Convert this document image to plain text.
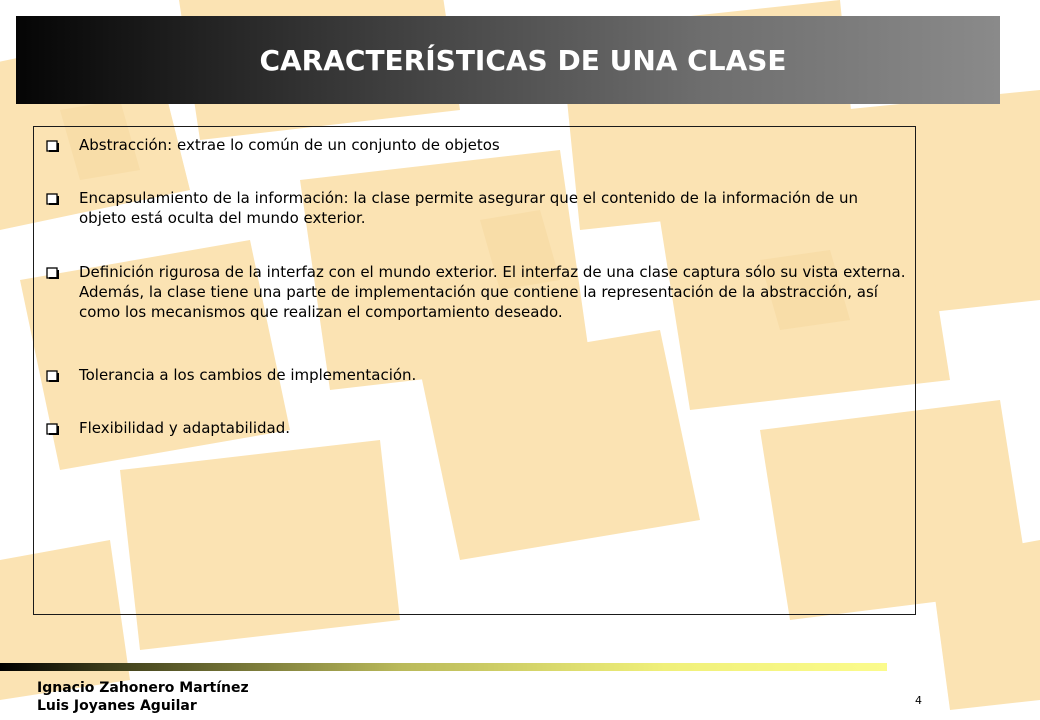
CARACTERÍSTICAS DE UNA CLASE
Abstracción: extrae lo común de un conjunto de objetos
Encapsulamiento de la información: la clase permite asegurar que el contenido de la información de un objeto está oculta del mundo exterior.
Definición rigurosa de la interfaz con el mundo exterior. El interfaz de una clase captura sólo su vista externa. Además, la clase tiene una parte de implementación que contiene la representación de la abstracción, así como los mecanismos que realizan el comportamiento deseado.
Tolerancia a los cambios de implementación.
Flexibilidad y adaptabilidad.
Ignacio Zahonero Martínez
Luis Joyanes Aguilar	4
